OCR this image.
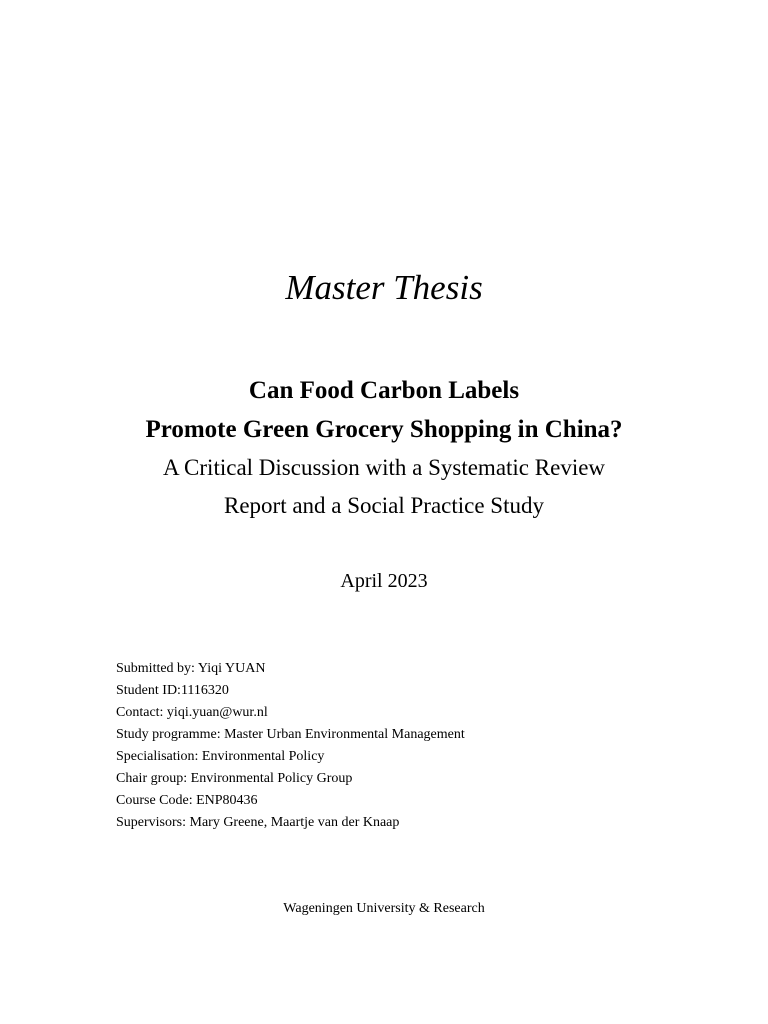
Master Thesis
Can Food Carbon Labels
Promote Green Grocery Shopping in China?
A Critical Discussion with a Systematic Review
Report and a Social Practice Study
April 2023
Submitted by: Yiqi YUAN
Student ID:1116320
Contact: yiqi.yuan@wur.nl
Study programme: Master Urban Environmental Management
Specialisation: Environmental Policy
Chair group: Environmental Policy Group
Course Code: ENP80436
Supervisors: Mary Greene, Maartje van der Knaap
Wageningen University & Research
